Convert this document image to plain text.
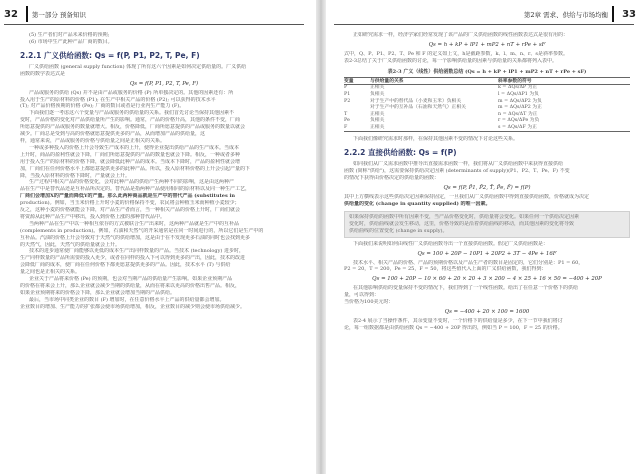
32	第一部分
预备知识
(5) 生产者们对产品未来价格的预期;
(6) 市场中生产此种产品厂商的数目。
2.2.1 广义供给函数: Qs = f(P, P1, P2, T, Pe, F)
广义供给函数 (general supply function) 体现了所有这六个因素是如何决定供给量的。广义供给
函数的数学表达式是
Qs = f(P, P1, P2, T, Pe, F)
产品或服务的供给 (Qs) 并不是由产品或服务的价格 (P) 所单独决定的。其他的因素还有：所
投入用于生产的原材料的价格 (P1); 在生产中相关产品的价格 (P2); 可以获得的技术水平
(T); 对产品价格预期的价格 (Pe); 厂商的数目或者是行业内生产能力 (F)。
下面我们逐一考虑这六个变量与产品或服务的供给量的关系。我们首先讨论当保持其他因素不
变时，产品价格的变化对产品供给量所产生的影响。通常，产品的价格升高，其他的条件不变，厂商
所愿意提供的产品或服务的数量就增大。相反，价格降低，厂商所愿意提供的产品或服务的数量以就会
减少。厂商总是受到与高的价格就愿意提供更多的产品，从而增加产品的供给量，这
样，通常来说，产品或服务的价格与供给量之间是正相关的关系。
一种或多种投入的价格上升会导致生产成本的上升，使得企业提出供给产品的生产成本。当成本
上升时，商品的盈利性就会下降，厂商们所愿意提供的产品的数量也就会下降。相反，一种或者多种
用于投入生产的原材料的价格下降，就会降低此种产品的成本。当成本下降时，产品的盈利性就会增
加，厂商们在任何价格水平上都愿意提供更多的此种产品。所以，投入原材料价格的上升会引起产量的下
降，当投入原材料的价格下降时，产量就会上升。
生产过程中相关产品的价格变化，会对此种产品的供给产生两种不同的影响，这是由这两种产
品在生产中是替代品还是互补品所决定的。替代品是指两种产品使用相同的原材料以及同一种生产工艺，
厂商们会增加X的产量而降低Y的产量。那么此两种商品就是生产中的替代产品 (substitutes in
production)。例如，当玉米价格上升时小麦的价格保持不变，农民将会种植玉米而种植小麦较少；
反之，这种小麦的价格就能会下降，对产品生产者而言，当一种相关产品的价格上升时，厂商们就会
将资源从此种产品生产中移出，投入到价格上涨的那种替代品中。
当两种产品在生产中以一种相互依存的方式被联合生产出来时，这两种产品就是生产中的互补品
(complements in production)。例如，石油和天然气的开采通常是在同一时间进行的，所以它们是生产中的
互补品。汽油的价格上升会导致对于天然气的供给增加，这是由于在不发现更多石油的同时也会找到更多
的天然气，因此，天然气的供给量就会上升。
技术的进步通常使厂商能够以更低的成本生产出同样数量的产品。当技术 (technology) 进步时，
生产同样数量的产品所需要的投入更少，或者在同样的投入下可以得到更多的产出，因此，技术的改进
会降低厂商的成本，使厂商在任何价格下都更愿意提供更多的产品。因此，技术水平 (T) 与供给
量之间也是正相关的关系。
企业关于产品将来价格 (Pe) 的预期，也会对当期产品的供给量产生影响。如果企业预期产品
的价格在将来会上升，那么企业就会减少当期的供给量，从而在将来以更高的价格出售产品。相反，
如果企业预期将来的价格会下降，那么企业就会增加当期的产品供给。
最后，当市场中同类企业的数目 (F) 增加时，在任意价格水平上产品的供给量都会增加。
企业数目的增加、生产能力的扩张都会使市场供给增加，相反，企业数目的减少则会使市场供给减少。
第2章
需求、供给与市场均衡	33
正如研究需求一样，经济学家们经常发现了该产品的广义供给函数的线性函数表达式是很有用的：
Qs = h + kP + lP1 + mP2 + nT + rPe + sF
式中，Q、P、P1、P2、T、Pe 和 F 的定义如上文，h是截距参数，k、l、m、n、r、s是斜率参数。
表2-3总结了关于广义供给函数的讨论，每一个影响供给量的因素与供给量的关系都将列入表中。
表2-3 广义（线性）供给函数总结 (Qs = h + kP + lP1 + mP2 + nT + rPe + sF)
变量	与供给量的关系	斜率参数的符号
P	正相关	k = ΔQs/ΔP 为正
P1	负相关	l = ΔQs/ΔP1 为负
P2	对于生产中的替代品（小麦和玉米）负相关	m = ΔQs/ΔP2 为负
对于生产中的互补品（石油和天然气）正相关	m = ΔQs/ΔP2 为正
T	正相关	n = ΔQs/ΔT 为正
Pe	负相关	r = ΔQs/ΔPe 为负
F	正相关	s = ΔQs/ΔF 为正
下面我们像研究需求时那样，在保持其他因素不变的情况下讨论这些关系。
2.2.2 直接供给函数: Qs = f(P)
如同我们从广义需求函数中推导出直接需求函数一样，我们将从广义供给函数中来获得直接供给
函数 (简称"供给")，这需要保持供给决定因素 (determinants of supply)(P1、P2、T、Pe、F) 不变
的情况下获得由价格决定的供给量的函数：
Qs = f(P, P̄1, P̄2, T̄, P̄e, F̄) = f(P)
其中上方横线表示这些供给决定因素保持固定，一旦我们从广义供给函数中得到直接供给函数，价格就成为决定
供给量的变化 (change in quantity supplied) 的唯一因素。
如果保持供给的函数中所有因素不变，当产品价格变化时，供给量将会变化。如果任何一个供给决定因素
变化时，供给曲线就会发生移动，这里，价格导致的是沿着供给曲线的移动，而其他因素的变化将导致
供给曲线的位置变化 (change in supply)。
下面我们来说明如何由线性广义供给函数导出一个直接供给函数。假定广义供给函数是：
Qs = 100 + 20P − 10P1 + 20P2 + 3T − 4Pe + 16F
技术水平、相关产品的价格、产品的预期价格以及产品生产者的数目是固定的，它们分别是：P1 = 60，
P2 = 20，T = 200，Pe = 25，F = 50，将这些值代入上面的广义供给函数，我们得到：
Qs = 100 + 20P − 10 × 60 + 20 × 20 + 3 × 200 − 4 × 25 + 16 × 50 = −400 + 20P
在其他影响供给的变量保持不变的情况下，我们得到了一个线性函数。给出了在任意一个价格下的供给
量，可以得到：
当价格为100美元时：
Qs = −400 + 20 × 100 = 1600
表2-4 展示了当操作条件，其余变量不变时，一个价格下的供给量是多少，在下一节中我们将讨
论，每一组数据都是由供给函数 Qs = −400 + 20P 得出的，例如当 P = 100，F = 25 的价格。
